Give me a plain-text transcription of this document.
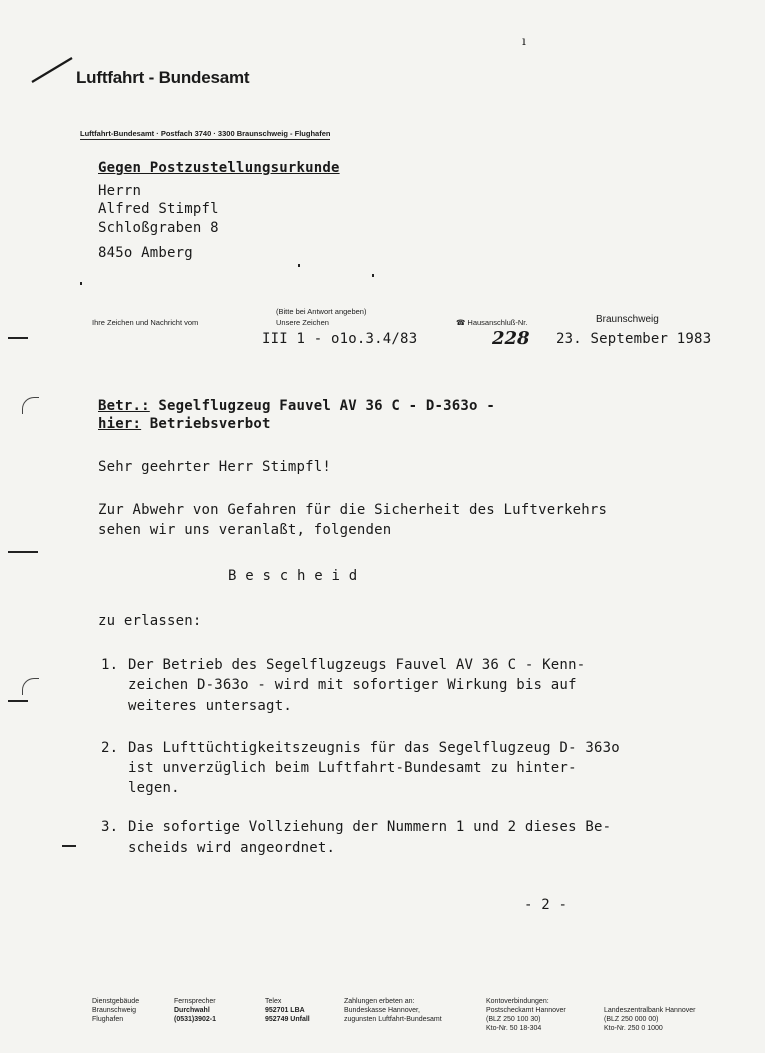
Luftfahrt - Bundesamt
Luftfahrt-Bundesamt · Postfach 3740 · 3300 Braunschweig - Flughafen
ı
Gegen Postzustellungsurkunde
Herrn
Alfred Stimpfl
Schloßgraben 8
845o Amberg
Ihre Zeichen und Nachricht vom
(Bitte bei Antwort angeben)
Unsere Zeichen
III 1 - o1o.3.4/83
☎ Hausanschluß-Nr.
228
Braunschweig
23. September 1983
Betr.: Segelflugzeug Fauvel AV 36 C - D-363o -
hier: Betriebsverbot
Sehr geehrter Herr Stimpfl!
Zur Abwehr von Gefahren für die Sicherheit des Luftverkehrs
sehen wir uns veranlaßt, folgenden
B e s c h e i d
zu erlassen:
1. Der Betrieb des Segelflugzeugs Fauvel AV 36 C - Kenn-
zeichen D-363o - wird mit sofortiger Wirkung bis auf
weiteres untersagt.
2. Das Lufttüchtigkeitszeugnis für das Segelflugzeug D- 363o
ist unverzüglich beim Luftfahrt-Bundesamt zu hinter-
legen.
3. Die sofortige Vollziehung der Nummern 1 und 2 dieses Be-
scheids wird angeordnet.
- 2 -
Dienstgebäude
Braunschweig
Flughafen
Fernsprecher
Durchwahl
(0531)3902-1
Telex
952701 LBA
952749 Unfall
Zahlungen erbeten an:
Bundeskasse Hannover,
zugunsten Luftfahrt-Bundesamt
Kontoverbindungen:
Postscheckamt Hannover
(BLZ 250 100 30)
Kto-Nr. 50 18-304
Landeszentralbank Hannover
(BLZ 250 000 00)
Kto-Nr. 250 0 1000
